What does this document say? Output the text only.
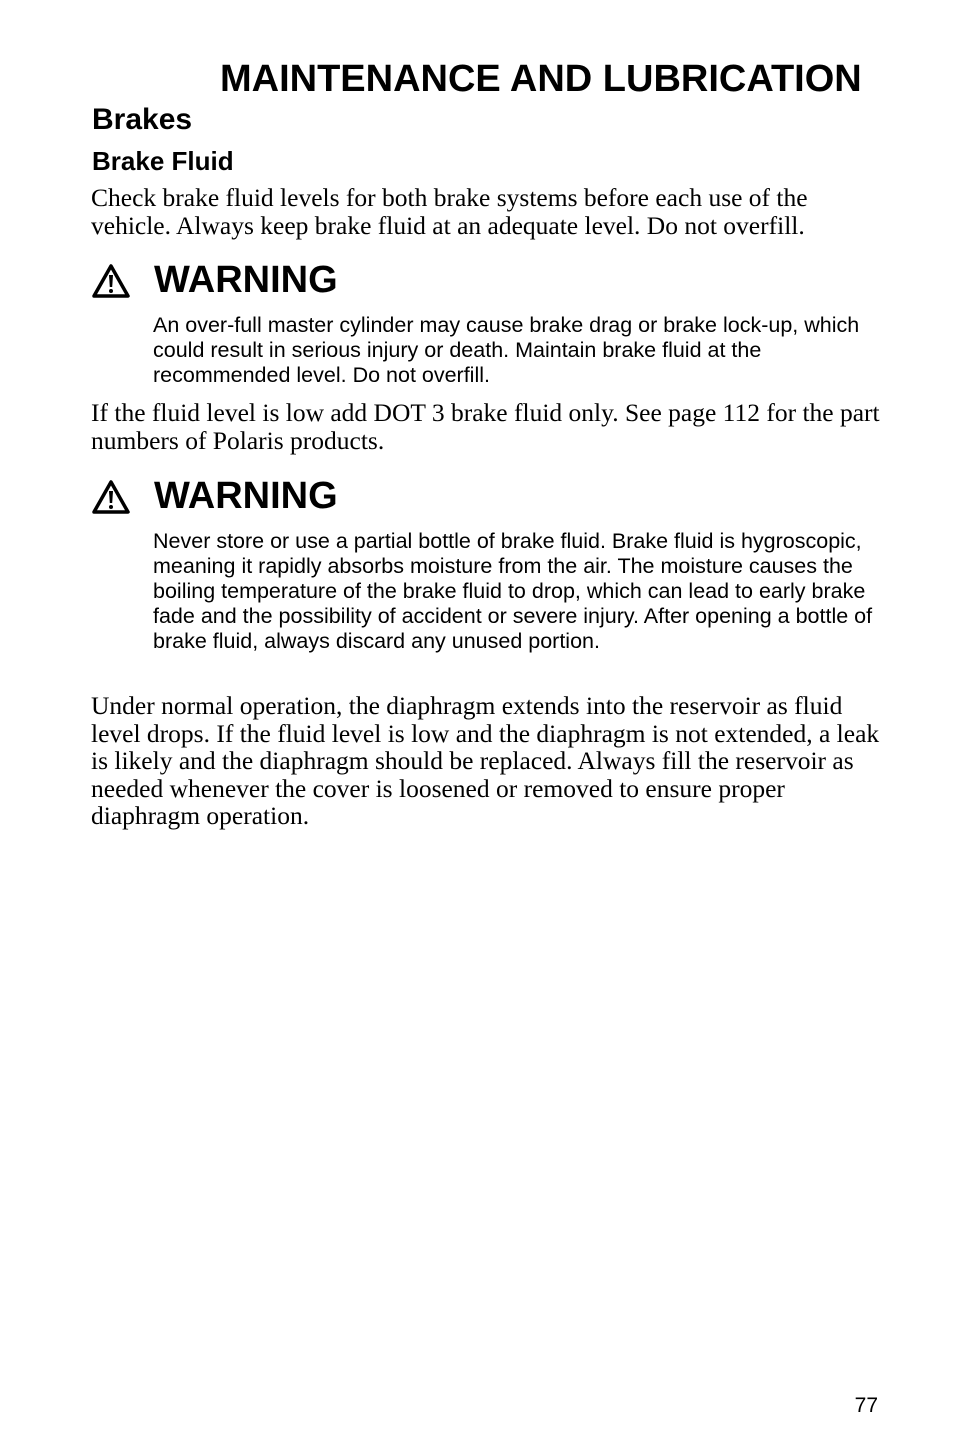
MAINTENANCE AND LUBRICATION
Brakes
Brake Fluid

Check brake fluid levels for both brake systems before each use of the vehicle. Always keep brake fluid at an adequate level. Do not overfill.

WARNING
An over-full master cylinder may cause brake drag or brake lock-up, which could result in serious injury or death. Maintain brake fluid at the recommended level. Do not overfill.

If the fluid level is low add DOT 3 brake fluid only. See page 112 for the part numbers of Polaris products.

WARNING
Never store or use a partial bottle of brake fluid. Brake fluid is hygroscopic, meaning it rapidly absorbs moisture from the air. The moisture causes the boiling temperature of the brake fluid to drop, which can lead to early brake fade and the possibility of accident or severe injury. After opening a bottle of brake fluid, always discard any unused portion.

Under normal operation, the diaphragm extends into the reservoir as fluid level drops. If the fluid level is low and the diaphragm is not extended, a leak is likely and the diaphragm should be replaced. Always fill the reservoir as needed whenever the cover is loosened or removed to ensure proper diaphragm operation.

77
